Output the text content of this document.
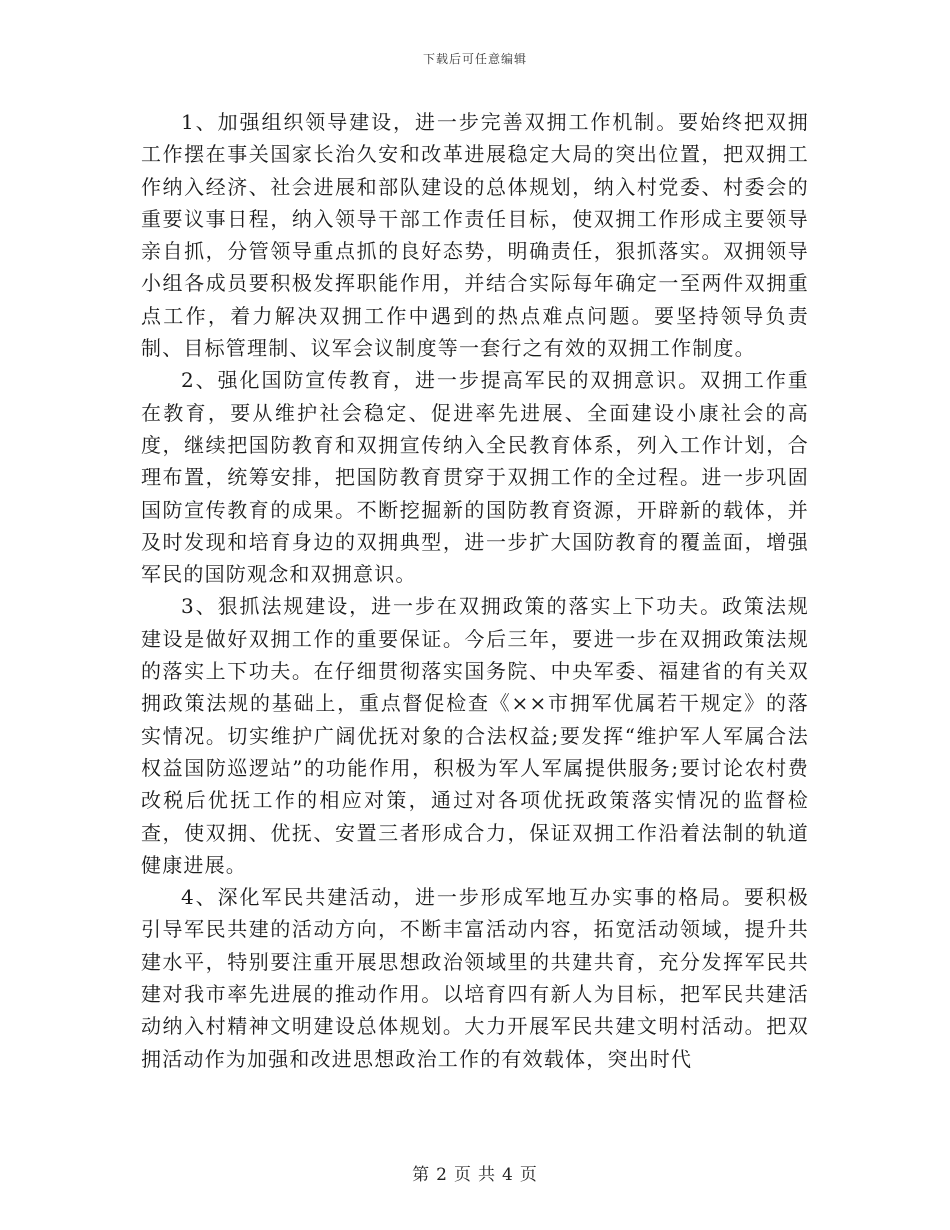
下载后可任意编辑

1、加强组织领导建设，进一步完善双拥工作机制。要始终把双拥工作摆在事关国家长治久安和改革进展稳定大局的突出位置，把双拥工作纳入经济、社会进展和部队建设的总体规划，纳入村党委、村委会的重要议事日程，纳入领导干部工作责任目标，使双拥工作形成主要领导亲自抓，分管领导重点抓的良好态势，明确责任，狠抓落实。双拥领导小组各成员要积极发挥职能作用，并结合实际每年确定一至两件双拥重点工作，着力解决双拥工作中遇到的热点难点问题。要坚持领导负责制、目标管理制、议军会议制度等一套行之有效的双拥工作制度。

2、强化国防宣传教育，进一步提高军民的双拥意识。双拥工作重在教育，要从维护社会稳定、促进率先进展、全面建设小康社会的高度，继续把国防教育和双拥宣传纳入全民教育体系，列入工作计划，合理布置，统筹安排，把国防教育贯穿于双拥工作的全过程。进一步巩固国防宣传教育的成果。不断挖掘新的国防教育资源，开辟新的载体，并及时发现和培育身边的双拥典型，进一步扩大国防教育的覆盖面，增强军民的国防观念和双拥意识。

3、狠抓法规建设，进一步在双拥政策的落实上下功夫。政策法规建设是做好双拥工作的重要保证。今后三年，要进一步在双拥政策法规的落实上下功夫。在仔细贯彻落实国务院、中央军委、福建省的有关双拥政策法规的基础上，重点督促检查《××市拥军优属若干规定》的落实情况。切实维护广阔优抚对象的合法权益;要发挥“维护军人军属合法权益国防巡逻站”的功能作用，积极为军人军属提供服务;要讨论农村费改税后优抚工作的相应对策，通过对各项优抚政策落实情况的监督检查，使双拥、优抚、安置三者形成合力，保证双拥工作沿着法制的轨道健康进展。

4、深化军民共建活动，进一步形成军地互办实事的格局。要积极引导军民共建的活动方向，不断丰富活动内容，拓宽活动领域，提升共建水平，特别要注重开展思想政治领域里的共建共育，充分发挥军民共建对我市率先进展的推动作用。以培育四有新人为目标，把军民共建活动纳入村精神文明建设总体规划。大力开展军民共建文明村活动。把双拥活动作为加强和改进思想政治工作的有效载体，突出时代

第 2 页 共 4 页
